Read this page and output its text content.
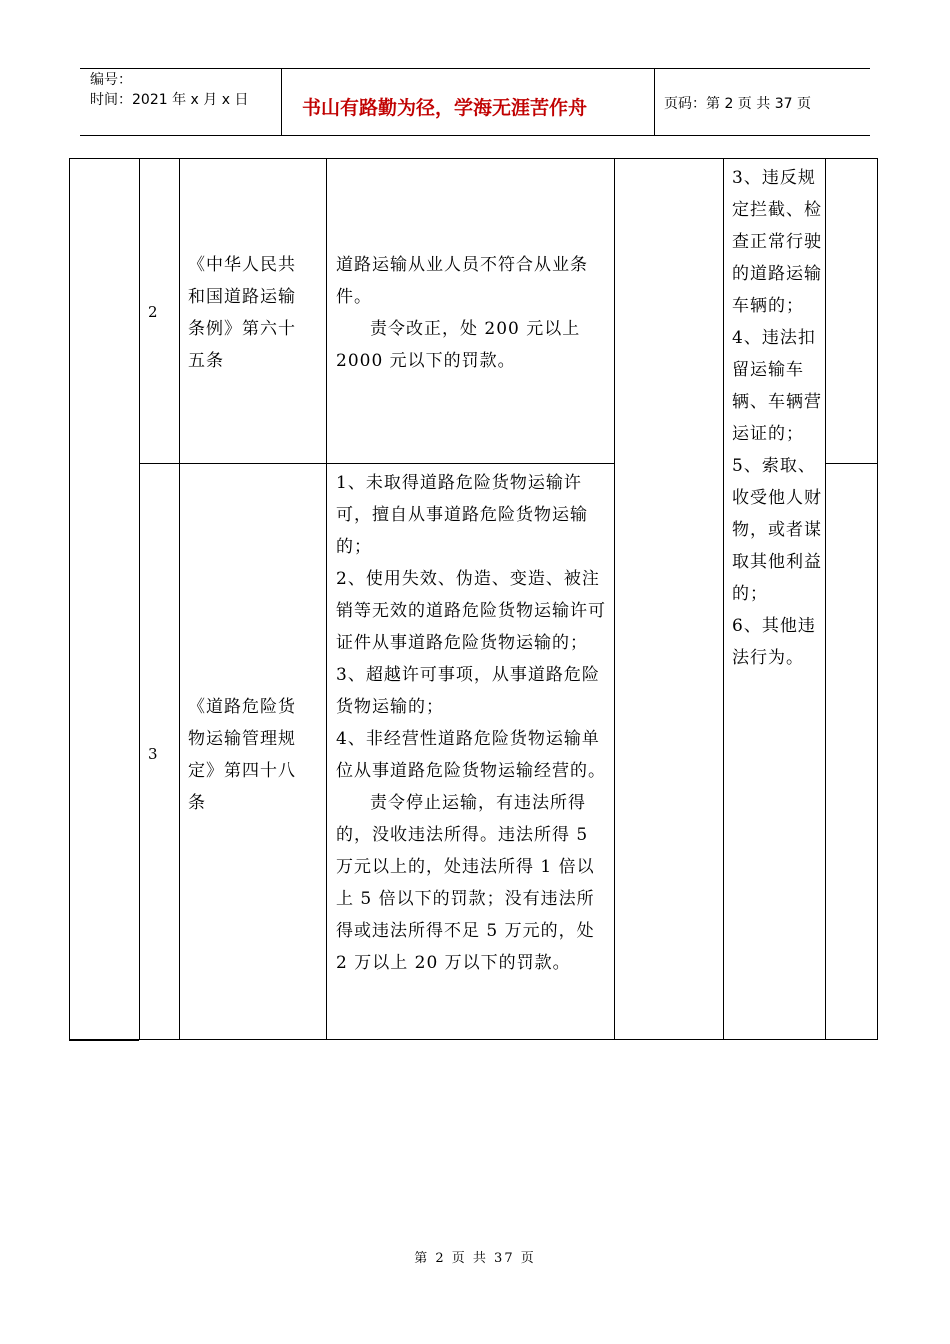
编号：
时间：2021 年 x 月 x 日	书山有路勤为径，学海无涯苦作舟	页码：第 2 页 共 37 页
2
《中华人民共和国道路运输条例》第六十五条

道路运输从业人员不符合从业条件。

责令改正，处 200 元以上 2000 元以下的罚款。

3
《道路危险货物运输管理规定》第四十八条

1、未取得道路危险货物运输许可，擅自从事道路危险货物运输的；

2、使用失效、伪造、变造、被注销等无效的道路危险货物运输许可证件从事道路危险货物运输的；

3、超越许可事项，从事道路危险货物运输的；

4、非经营性道路危险货物运输单位从事道路危险货物运输经营的。

责令停止运输，有违法所得的，没收违法所得。违法所得 5 万元以上的，处违法所得 1 倍以上 5 倍以下的罚款；没有违法所得或违法所得不足 5 万元的，处 2 万以上 20 万以下的罚款。

3、违反规定拦截、检查正常行驶的道路运输车辆的；

4、违法扣留运输车辆、车辆营运证的；

5、索取、收受他人财物，或者谋取其他利益的；

6、其他违法行为。

第 2 页 共 37 页
